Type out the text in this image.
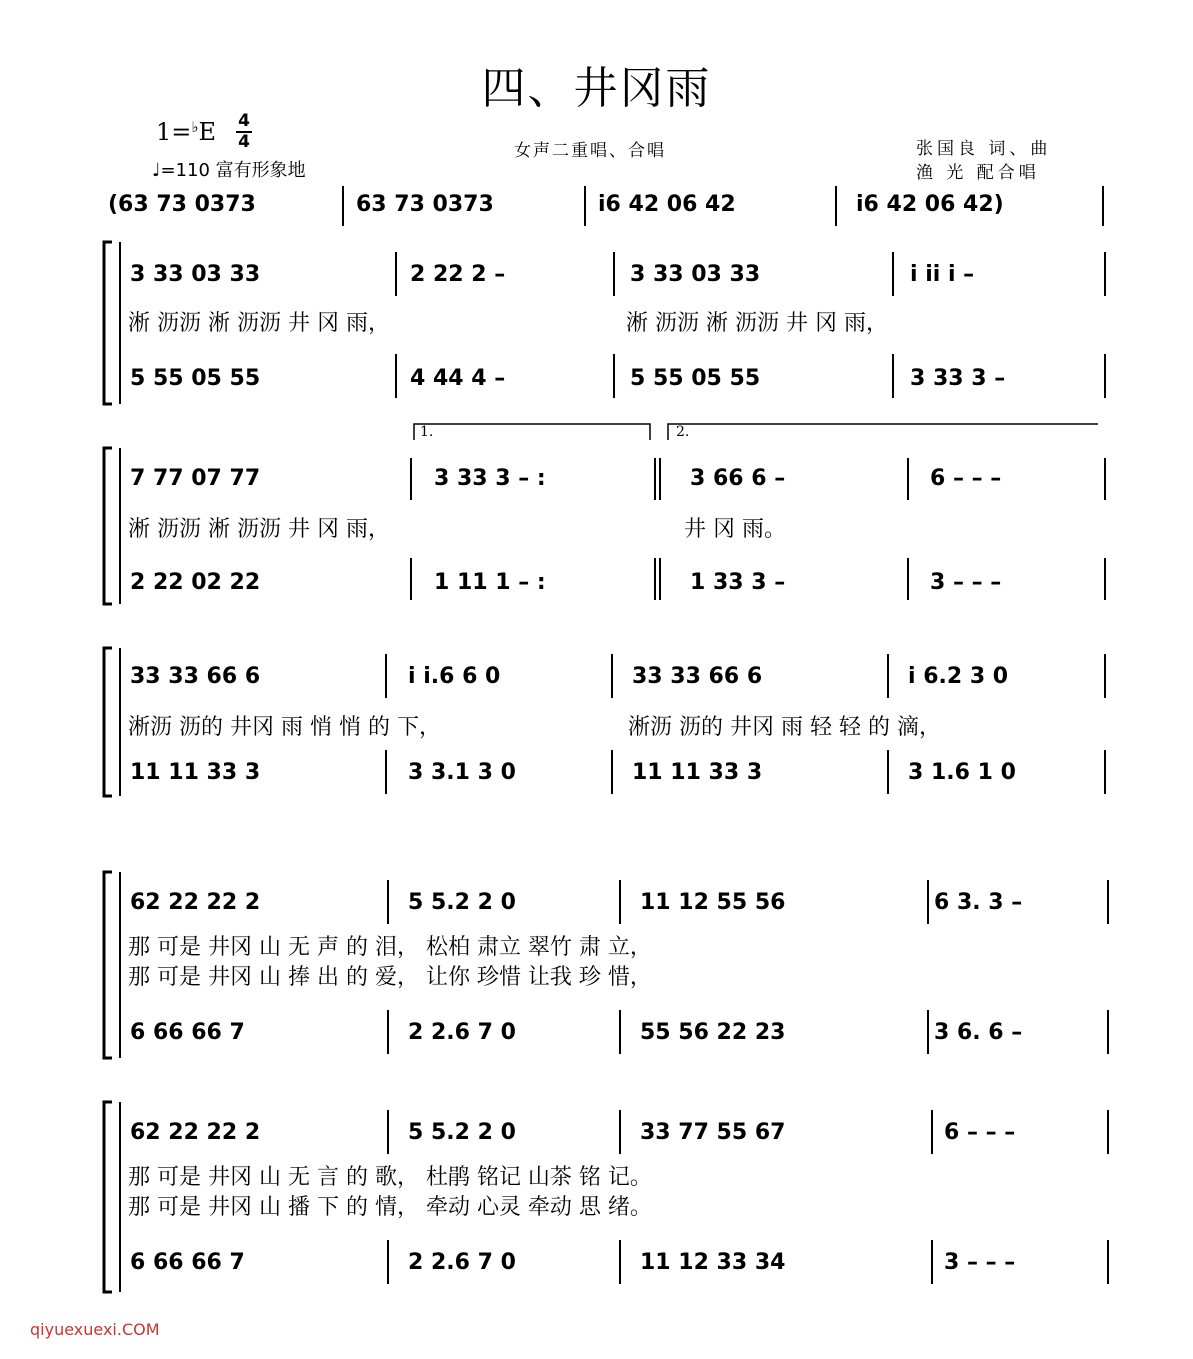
四、井冈雨
1=♭E 4
4
♩=110 富有形象地
女声二重唱、合唱	张国良 词、曲
渔 光 配合唱
(63 73 0373	63 73 0373	i6 42 06 42	i6 42 06 42)
3 33 03 33	2 22 2 –	3 33 03 33	i ii i –
淅 沥沥 淅 沥沥 井 冈 雨，	淅 沥沥 淅 沥沥 井 冈 雨，
5 55 05 55	4 44 4 –	5 55 05 55	3 33 3 –
1.	2.
7 77 07 77	3 33 3 – :	3 66 6 –	6 – – –
淅 沥沥 淅 沥沥 井 冈 雨，	井 冈 雨。
2 22 02 22	1 11 1 – :	1 33 3 –	3 – – –
33 33 66 6	i i.6 6 0	33 33 66 6	i 6.2 3 0
淅沥 沥的 井冈 雨 悄 悄 的 下，	淅沥 沥的 井冈 雨 轻 轻 的 滴，
11 11 33 3	3 3.1 3 0	11 11 33 3	3 1.6 1 0
62 22 22 2	5 5.2 2 0	11 12 55 56	6 3. 3 –
那 可是 井冈 山 无 声 的 泪， 松柏 肃立 翠竹 肃 立，
那 可是 井冈 山 捧 出 的 爱， 让你 珍惜 让我 珍 惜，
6 66 66 7	2 2.6 7 0	55 56 22 23	3 6. 6 –
62 22 22 2	5 5.2 2 0	33 77 55 67	6 – – –
那 可是 井冈 山 无 言 的 歌， 杜鹃 铭记 山茶 铭 记。
那 可是 井冈 山 播 下 的 情， 牵动 心灵 牵动 思 绪。
6 66 66 7	2 2.6 7 0	11 12 33 34	3 – – –
qiyuexuexi.COM
